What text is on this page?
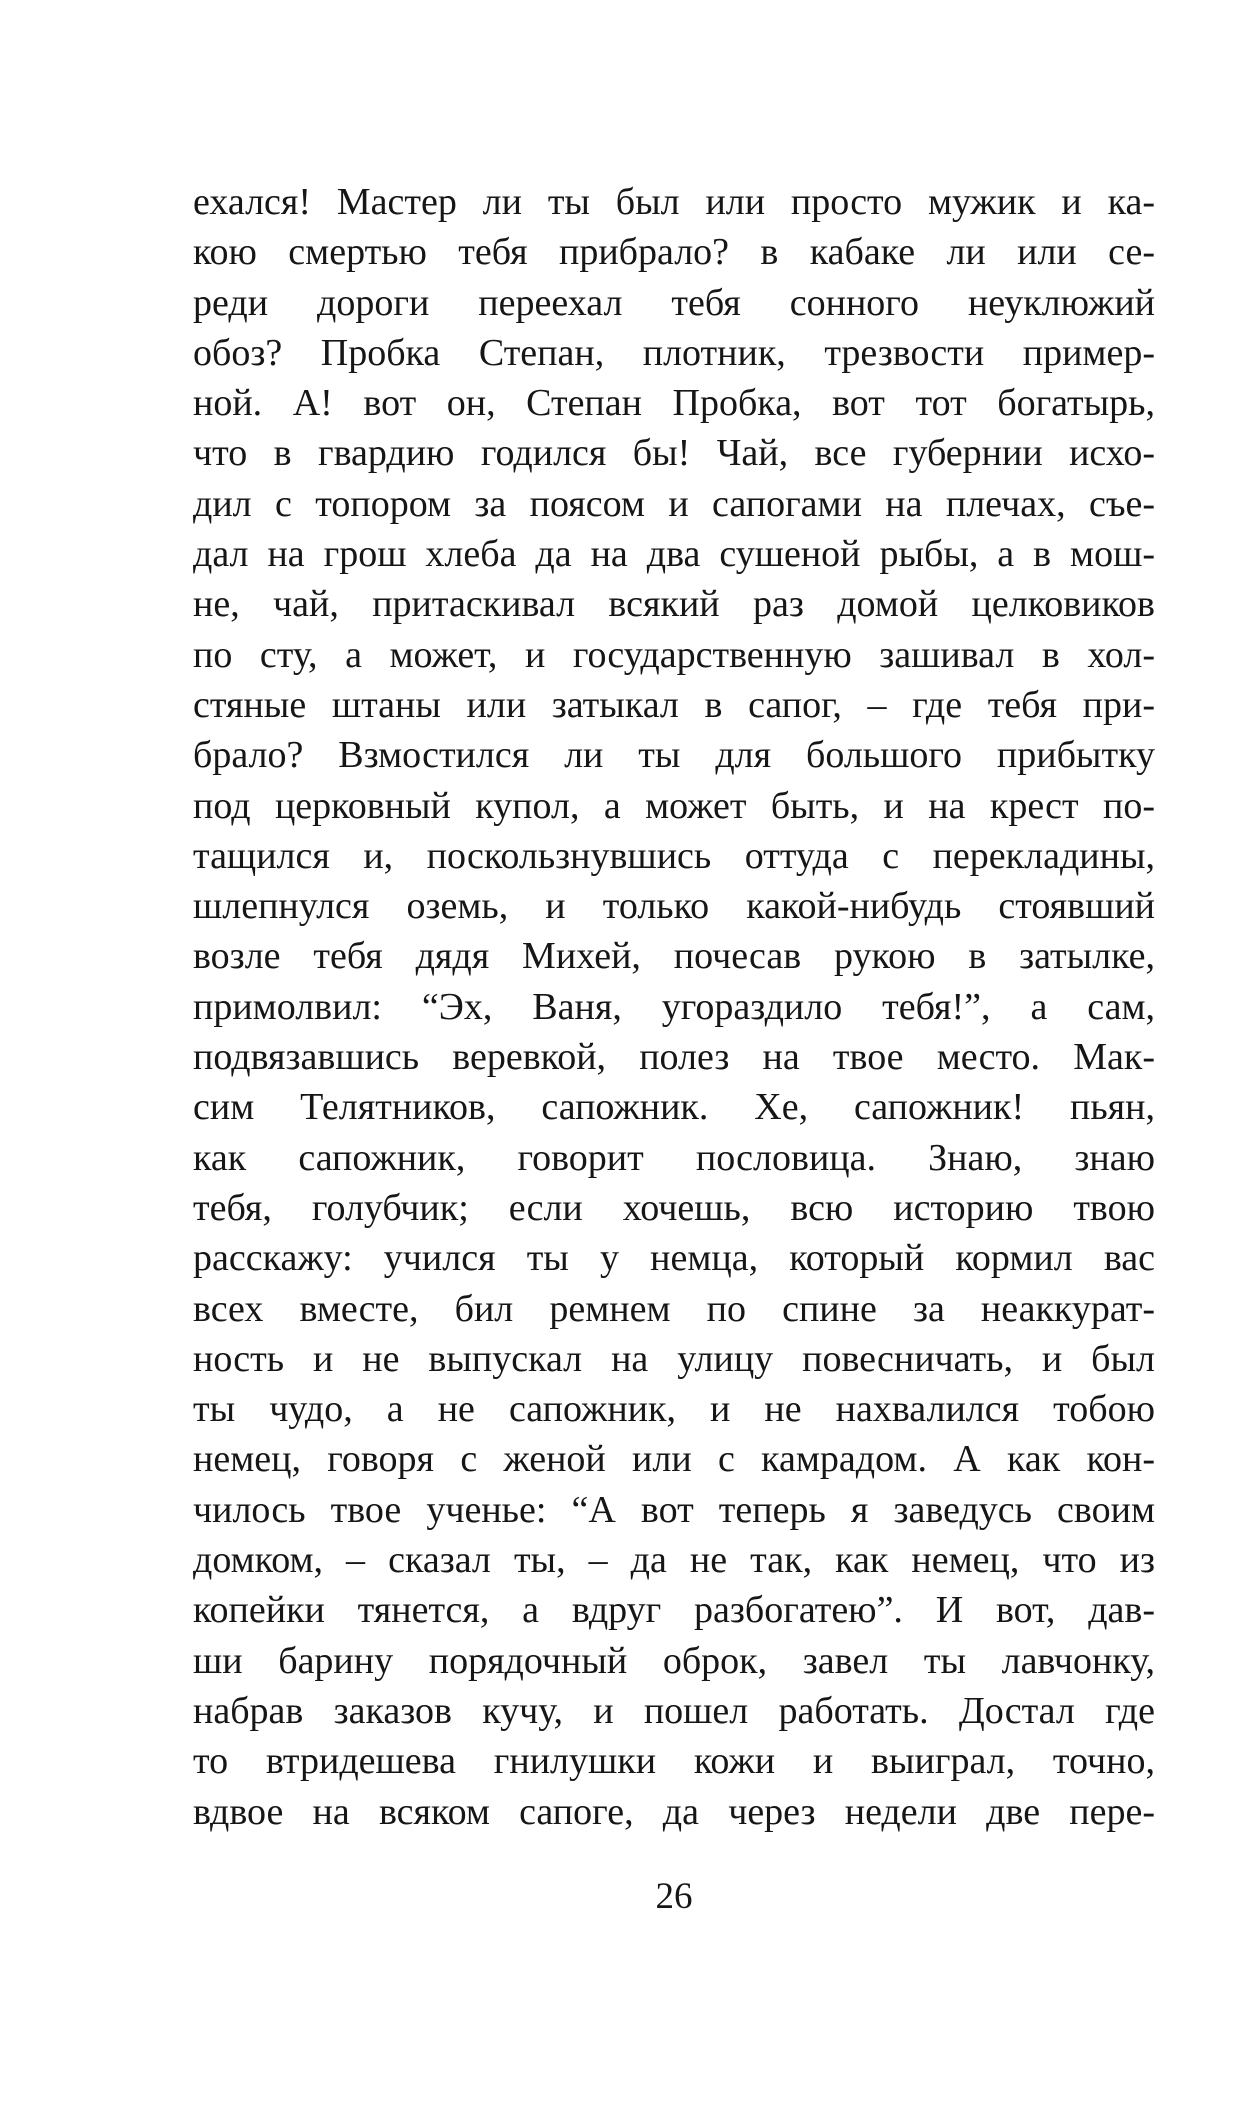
ехался! Мастер ли ты был или просто мужик и ка-
кою смертью тебя прибрало? в кабаке ли или се-
реди дороги переехал тебя сонного неуклюжий
обоз? Пробка Степан, плотник, трезвости пример-
ной. А! вот он, Степан Пробка, вот тот богатырь,
что в гвардию годился бы! Чай, все губернии исхо-
дил с топором за поясом и сапогами на плечах, съе-
дал на грош хлеба да на два сушеной рыбы, а в мош-
не, чай, притаскивал всякий раз домой целковиков
по сту, а может, и государственную зашивал в хол-
стяные штаны или затыкал в сапог, – где тебя при-
брало? Взмостился ли ты для большого прибытку
под церковный купол, а может быть, и на крест по-
тащился и, поскользнувшись оттуда с перекладины,
шлепнулся оземь, и только какой-нибудь стоявший
возле тебя дядя Михей, почесав рукою в затылке,
примолвил: “Эх, Ваня, угораздило тебя!”, а сам,
подвязавшись веревкой, полез на твое место. Мак-
сим Телятников, сапожник. Хе, сапожник! пьян,
как сапожник, говорит пословица. Знаю, знаю
тебя, голубчик; если хочешь, всю историю твою
расскажу: учился ты у немца, который кормил вас
всех вместе, бил ремнем по спине за неаккурат-
ность и не выпускал на улицу повесничать, и был
ты чудо, а не сапожник, и не нахвалился тобою
немец, говоря с женой или с камрадом. А как кон-
чилось твое ученье: “А вот теперь я заведусь своим
домком, – сказал ты, – да не так, как немец, что из
копейки тянется, а вдруг разбогатею”. И вот, дав-
ши барину порядочный оброк, завел ты лавчонку,
набрав заказов кучу, и пошел работать. Достал где
то втридешева гнилушки кожи и выиграл, точно,
вдвое на всяком сапоге, да через недели две пере-
26
